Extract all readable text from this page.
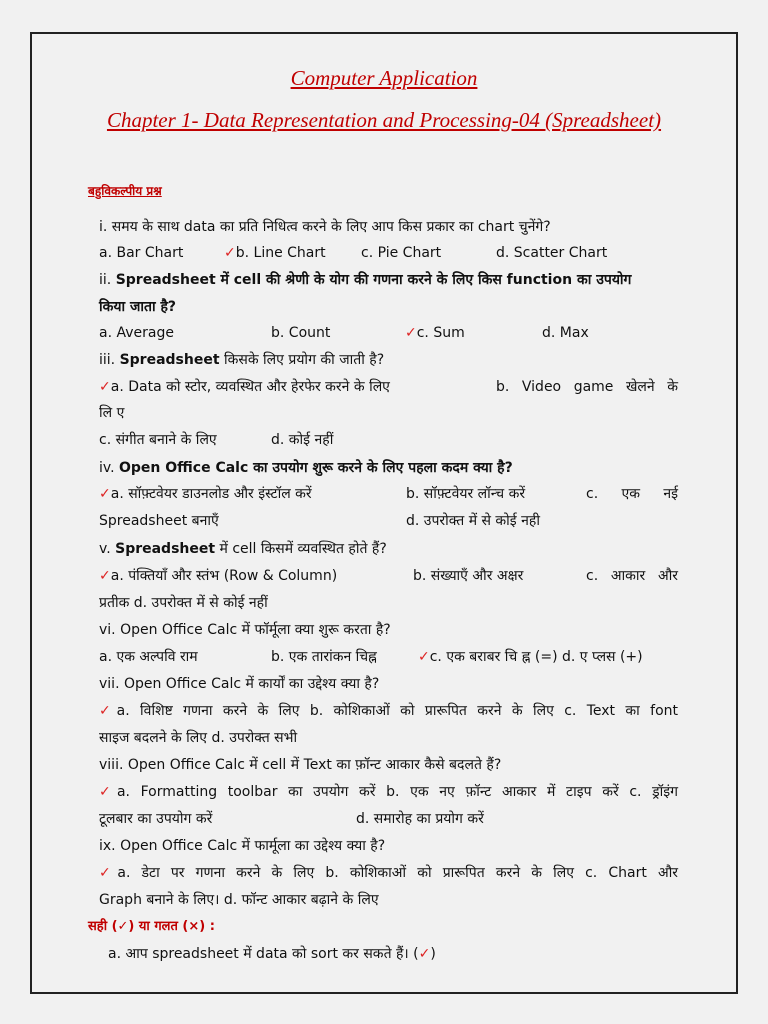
Computer Application
Chapter 1- Data Representation and Processing-04 (Spreadsheet)
बहुविकल्पीय प्रश्न
i. समय के साथ data का प्रति निधित्व करने के लिए आप किस प्रकार का chart चुनेंगे?
a. Bar Chart	✓b. Line Chart	c. Pie Chart	d. Scatter Chart
ii. Spreadsheet में cell की श्रेणी के योग की गणना करने के लिए किस function का उपयोग
किया जाता है?
a. Average	b. Count	✓c. Sum	d. Max
iii. Spreadsheet किसके लिए प्रयोग की जाती है?
✓a. Data को स्टोर, व्यवस्थित और हेरफेर करने के लिए	b. Video game खेलने के
लि ए
c. संगीत बनाने के लिए	d. कोई नहीं
iv. Open Office Calc का उपयोग शुरू करने के लिए पहला कदम क्या है?
✓a. सॉफ़्टवेयर डाउनलोड और इंस्टॉल करें	b. सॉफ़्टवेयर लॉन्च करें	c. एक नई
Spreadsheet बनाएँ	d. उपरोक्त में से कोई नही
v. Spreadsheet में cell किसमें व्यवस्थित होते हैं?
✓a. पंक्तियाँ और स्तंभ (Row & Column)	b. संख्याएँ और अक्षर	c. आकार और
प्रतीक d. उपरोक्त में से कोई नहीं
vi. Open Office Calc में फॉर्मूला क्या शुरू करता है?
a. एक अल्पवि राम	b. एक तारांकन चिह्न	✓c. एक बराबर चि ह्न (=) d. ए प्लस (+)
vii. Open Office Calc में कार्यों का उद्देश्य क्या है?
✓a. विशिष्ट गणना करने के लिए b. कोशिकाओं को प्रारूपित करने के लिए c. Text का font
साइज बदलने के लिए d. उपरोक्त सभी
viii. Open Office Calc में cell में Text का फ़ॉन्ट आकार कैसे बदलते हैं?
✓a. Formatting toolbar का उपयोग करें b. एक नए फ़ॉन्ट आकार में टाइप करें c. ड्रॉइंग
टूलबार का उपयोग करें	d. समारोह का प्रयोग करें
ix. Open Office Calc में फार्मूला का उद्देश्य क्या है?
✓a. डेटा पर गणना करने के लिए b. कोशिकाओं को प्रारूपित करने के लिए c. Chart और
Graph बनाने के लिए। d. फॉन्ट आकार बढ़ाने के लिए
सही (✓) या गलत (×) :
a. आप spreadsheet में data को sort कर सकते हैं। (✓)
